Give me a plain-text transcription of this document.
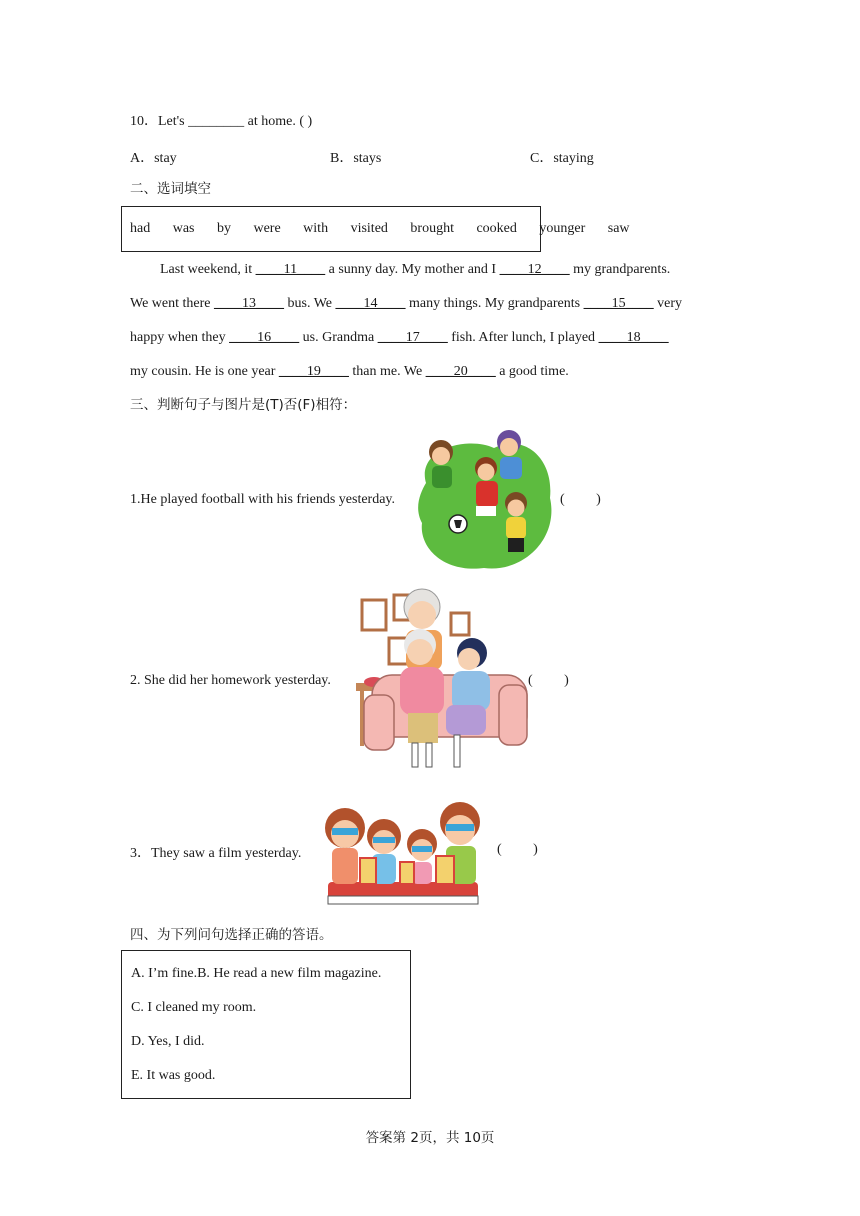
10．Let's ________ at home. ( )
A．stay	B．stays	C．staying
二、选词填空
had   was   by   were   with   visited   brought   cooked   younger   saw
Last weekend, it ____11____ a sunny day. My mother and I ____12____ my grandparents.
We went there ____13____ bus. We ____14____ many things. My grandparents ____15____ very
happy when they ____16____ us. Grandma ____17____ fish. After lunch, I played ____18____
my cousin. He is one year ____19____ than me. We ____20____ a good time.
三、判断句子与图片是(T)否(F)相符：
1.He played football with his friends yesterday.	(         )
2. She did her homework yesterday.	(         )
3．They saw a film yesterday.	(         )
四、为下列问句选择正确的答语。
A. I’m fine.B. He read a new film magazine.
C. I cleaned my room.
D. Yes, I did.
E. It was good.
答案第 2页，共 10页
